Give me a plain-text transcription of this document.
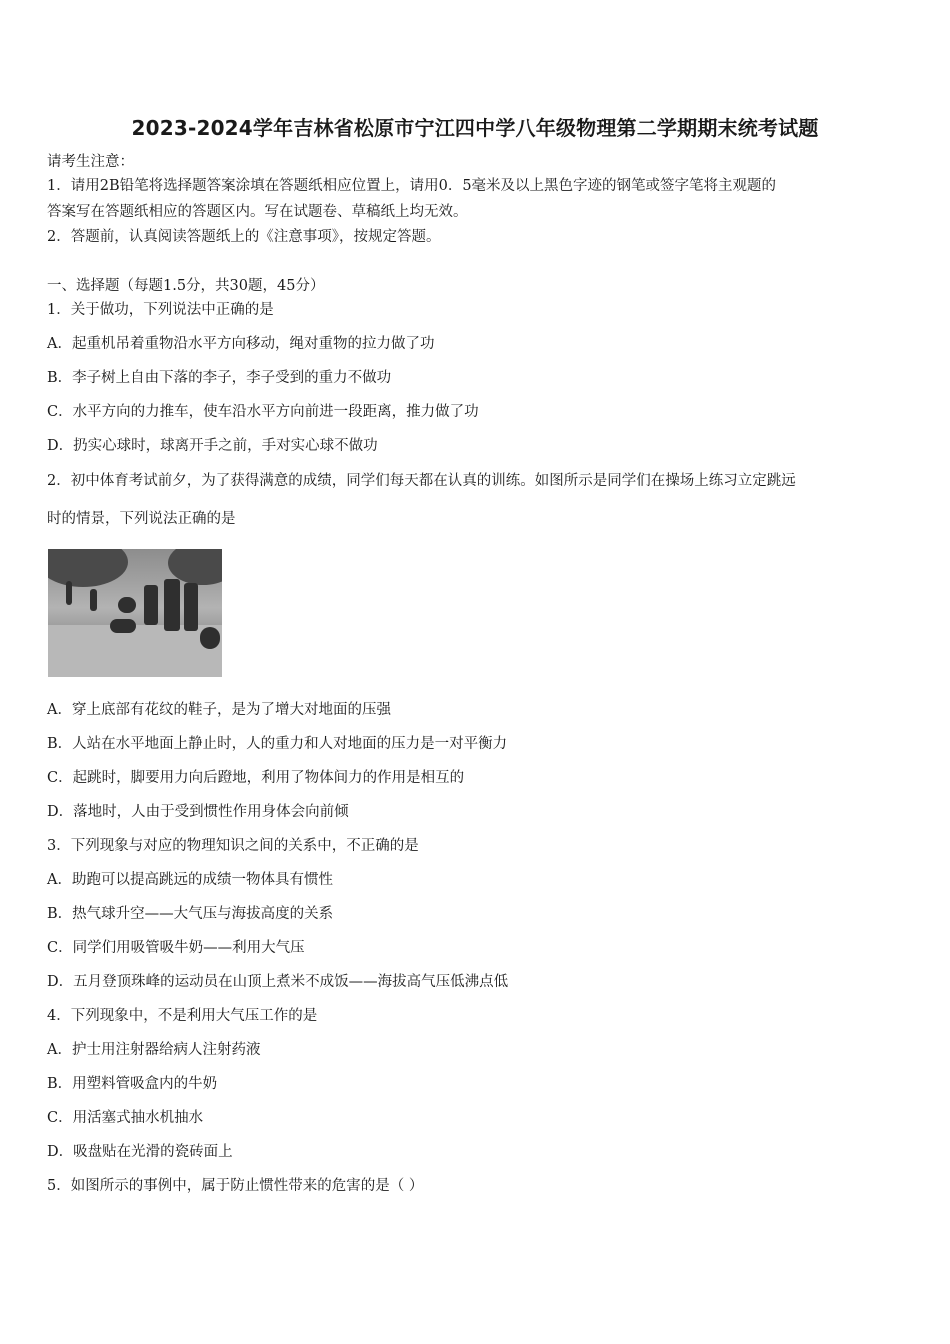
2023-2024学年吉林省松原市宁江四中学八年级物理第二学期期末统考试题
请考生注意：
1．请用2B铅笔将选择题答案涂填在答题纸相应位置上，请用0．5毫米及以上黑色字迹的钢笔或签字笔将主观题的
答案写在答题纸相应的答题区内。写在试题卷、草稿纸上均无效。
2．答题前，认真阅读答题纸上的《注意事项》，按规定答题。
一、选择题（每题1.5分，共30题，45分）
1．关于做功，下列说法中正确的是
A．起重机吊着重物沿水平方向移动，绳对重物的拉力做了功
B．李子树上自由下落的李子，李子受到的重力不做功
C．水平方向的力推车，使车沿水平方向前进一段距离，推力做了功
D．扔实心球时，球离开手之前，手对实心球不做功
2．初中体育考试前夕，为了获得满意的成绩，同学们每天都在认真的训练。如图所示是同学们在操场上练习立定跳远
时的情景，下列说法正确的是
A．穿上底部有花纹的鞋子，是为了增大对地面的压强
B．人站在水平地面上静止时，人的重力和人对地面的压力是一对平衡力
C．起跳时，脚要用力向后蹬地，利用了物体间力的作用是相互的
D．落地时，人由于受到惯性作用身体会向前倾
3．下列现象与对应的物理知识之间的关系中，不正确的是
A．助跑可以提高跳远的成绩一物体具有惯性
B．热气球升空——大气压与海拔高度的关系
C．同学们用吸管吸牛奶——利用大气压
D．五月登顶珠峰的运动员在山顶上煮米不成饭——海拔高气压低沸点低
4．下列现象中，不是利用大气压工作的是
A．护士用注射器给病人注射药液
B．用塑料管吸盒内的牛奶
C．用活塞式抽水机抽水
D．吸盘贴在光滑的瓷砖面上
5．如图所示的事例中，属于防止惯性带来的危害的是（ ）
